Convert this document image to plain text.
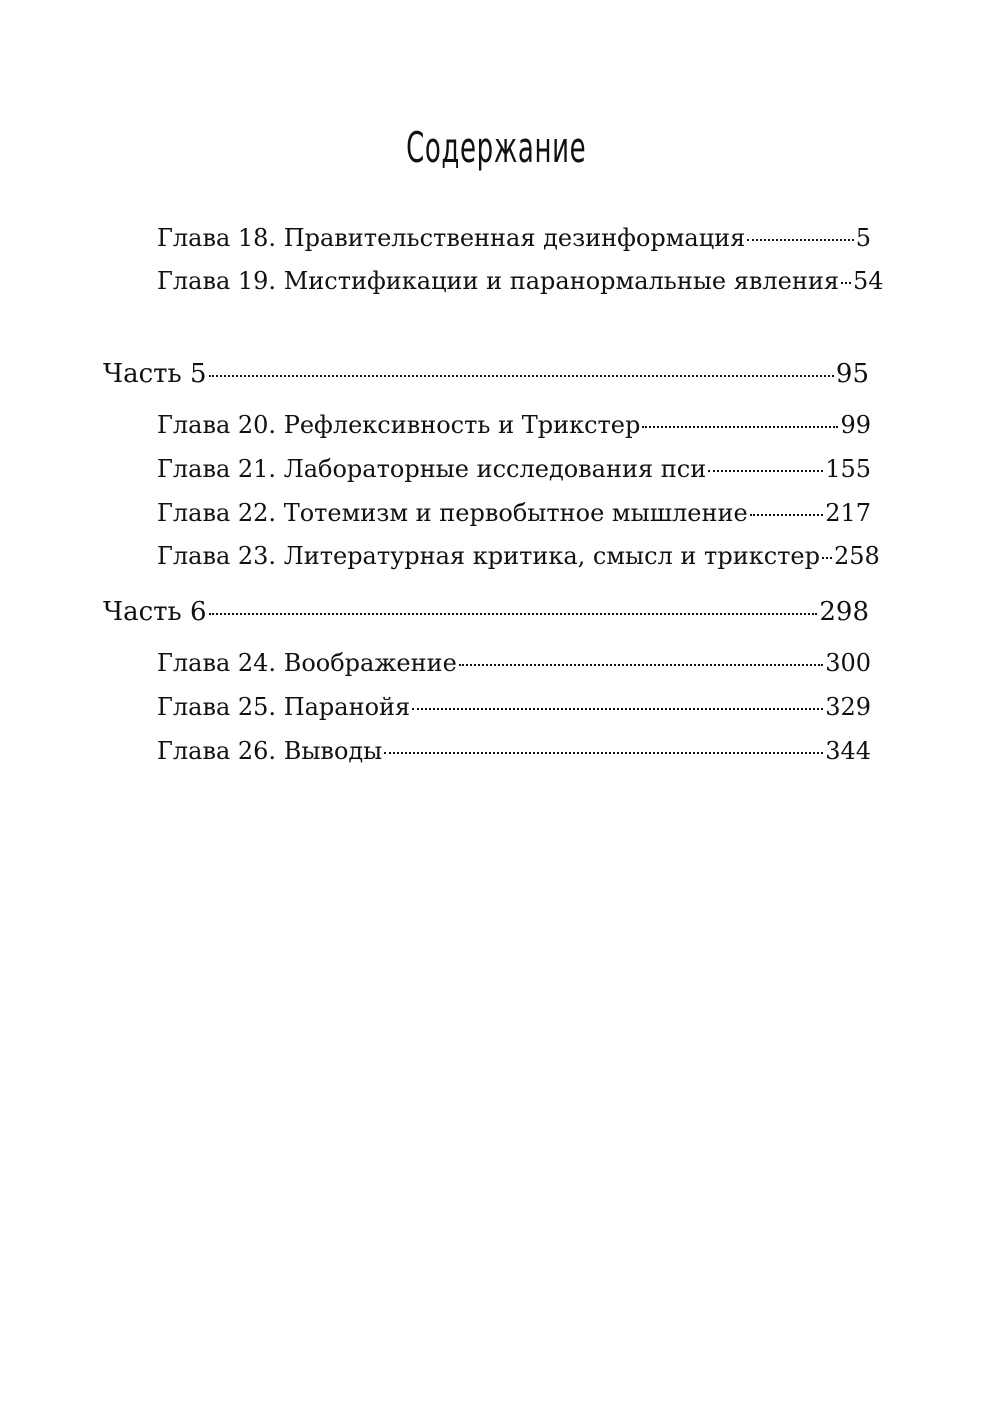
Содержание
Глава 18. Правительственная дезинформация	5
Глава 19. Мистификации и паранормальные явления 54
Часть 5	95
Глава 20. Рефлексивность и Трикстер	99
Глава 21. Лабораторные исследования пси	155
Глава 22. Тотемизм и первобытное мышление	217
Глава 23. Литературная критика, смысл и трикстер 258
Часть 6	298
Глава 24. Воображение	300
Глава 25. Паранойя	329
Глава 26. Выводы	344
